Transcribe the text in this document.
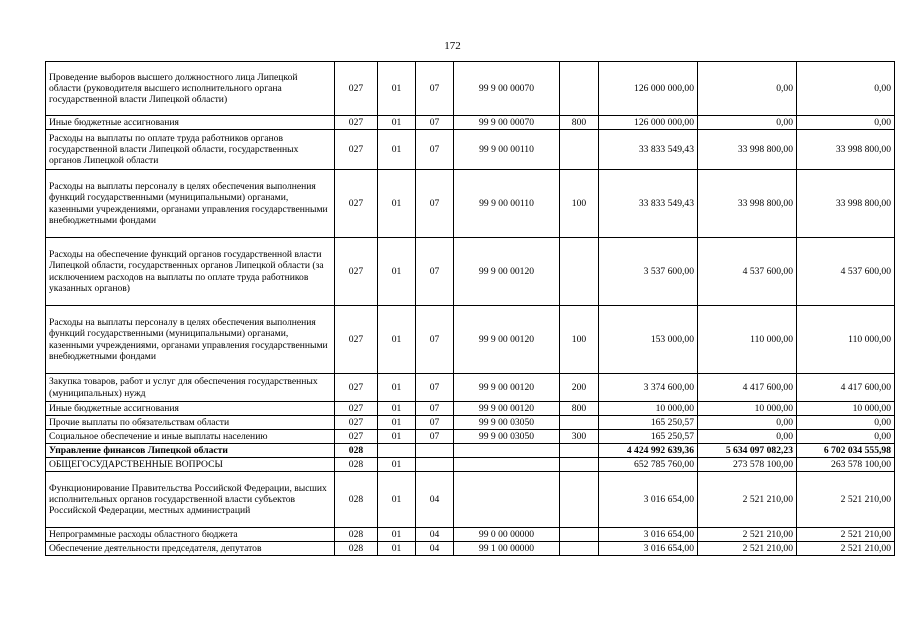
172
Проведение выборов высшего должностного лица Липецкой области (руководителя высшего исполнительного органа государственной власти Липецкой области)	027	01	07	99 9 00 00070		126 000 000,00	0,00	0,00
Иные бюджетные ассигнования	027	01	07	99 9 00 00070	800	126 000 000,00	0,00	0,00
Расходы на выплаты по оплате труда работников органов государственной власти Липецкой области, государственных органов Липецкой области	027	01	07	99 9 00 00110		33 833 549,43	33 998 800,00	33 998 800,00
Расходы на выплаты персоналу в целях обеспечения выполнения функций государственными (муниципальными) органами, казенными учреждениями, органами управления государственными внебюджетными фондами	027	01	07	99 9 00 00110	100	33 833 549,43	33 998 800,00	33 998 800,00
Расходы на обеспечение функций органов государственной власти Липецкой области, государственных органов Липецкой области (за исключением расходов на выплаты по оплате труда работников указанных органов)	027	01	07	99 9 00 00120		3 537 600,00	4 537 600,00	4 537 600,00
Расходы на выплаты персоналу в целях обеспечения выполнения функций государственными (муниципальными) органами, казенными учреждениями, органами управления государственными внебюджетными фондами	027	01	07	99 9 00 00120	100	153 000,00	110 000,00	110 000,00
Закупка товаров, работ и услуг для обеспечения государственных (муниципальных) нужд	027	01	07	99 9 00 00120	200	3 374 600,00	4 417 600,00	4 417 600,00
Иные бюджетные ассигнования	027	01	07	99 9 00 00120	800	10 000,00	10 000,00	10 000,00
Прочие выплаты по обязательствам области	027	01	07	99 9 00 03050		165 250,57	0,00	0,00
Социальное обеспечение и иные выплаты населению	027	01	07	99 9 00 03050	300	165 250,57	0,00	0,00
Управление финансов Липецкой области	028					4 424 992 639,36	5 634 097 082,23	6 702 034 555,98
ОБЩЕГОСУДАРСТВЕННЫЕ ВОПРОСЫ	028	01				652 785 760,00	273 578 100,00	263 578 100,00
Функционирование Правительства Российской Федерации, высших исполнительных органов государственной власти субъектов Российской Федерации, местных администраций	028	01	04			3 016 654,00	2 521 210,00	2 521 210,00
Непрограммные расходы областного бюджета	028	01	04	99 0 00 00000		3 016 654,00	2 521 210,00	2 521 210,00
Обеспечение деятельности председателя, депутатов	028	01	04	99 1 00 00000		3 016 654,00	2 521 210,00	2 521 210,00
